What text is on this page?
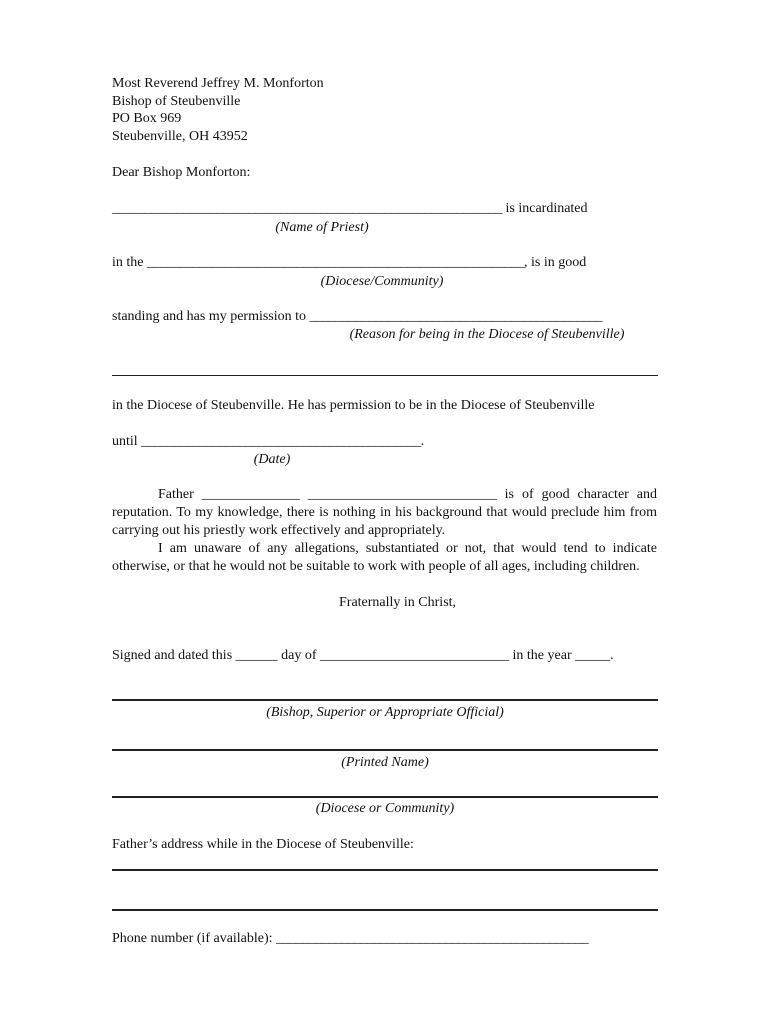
Most Reverend Jeffrey M. Monforton
Bishop of Steubenville
PO Box 969
Steubenville, OH 43952
Dear Bishop Monforton:
____________________________________________________________ is incardinated
(Name of Priest)
in the __________________________________________________________, is in good
(Diocese/Community)
standing and has my permission to _____________________________________________
(Reason for being in the Diocese of Steubenville)
in the Diocese of Steubenville. He has permission to be in the Diocese of Steubenville
until ___________________________________________.
(Date)
Father ______________ ___________________________ is of good character and reputation. To my knowledge, there is nothing in his background that would preclude him from carrying out his priestly work effectively and appropriately.
I am unaware of any allegations, substantiated or not, that would tend to indicate otherwise, or that he would not be suitable to work with people of all ages, including children.
Fraternally in Christ,
Signed and dated this ______ day of ___________________________ in the year _____.
(Bishop, Superior or Appropriate Official)
(Printed Name)
(Diocese or Community)
Father’s address while in the Diocese of Steubenville:
Phone number (if available): ________________________________________________
